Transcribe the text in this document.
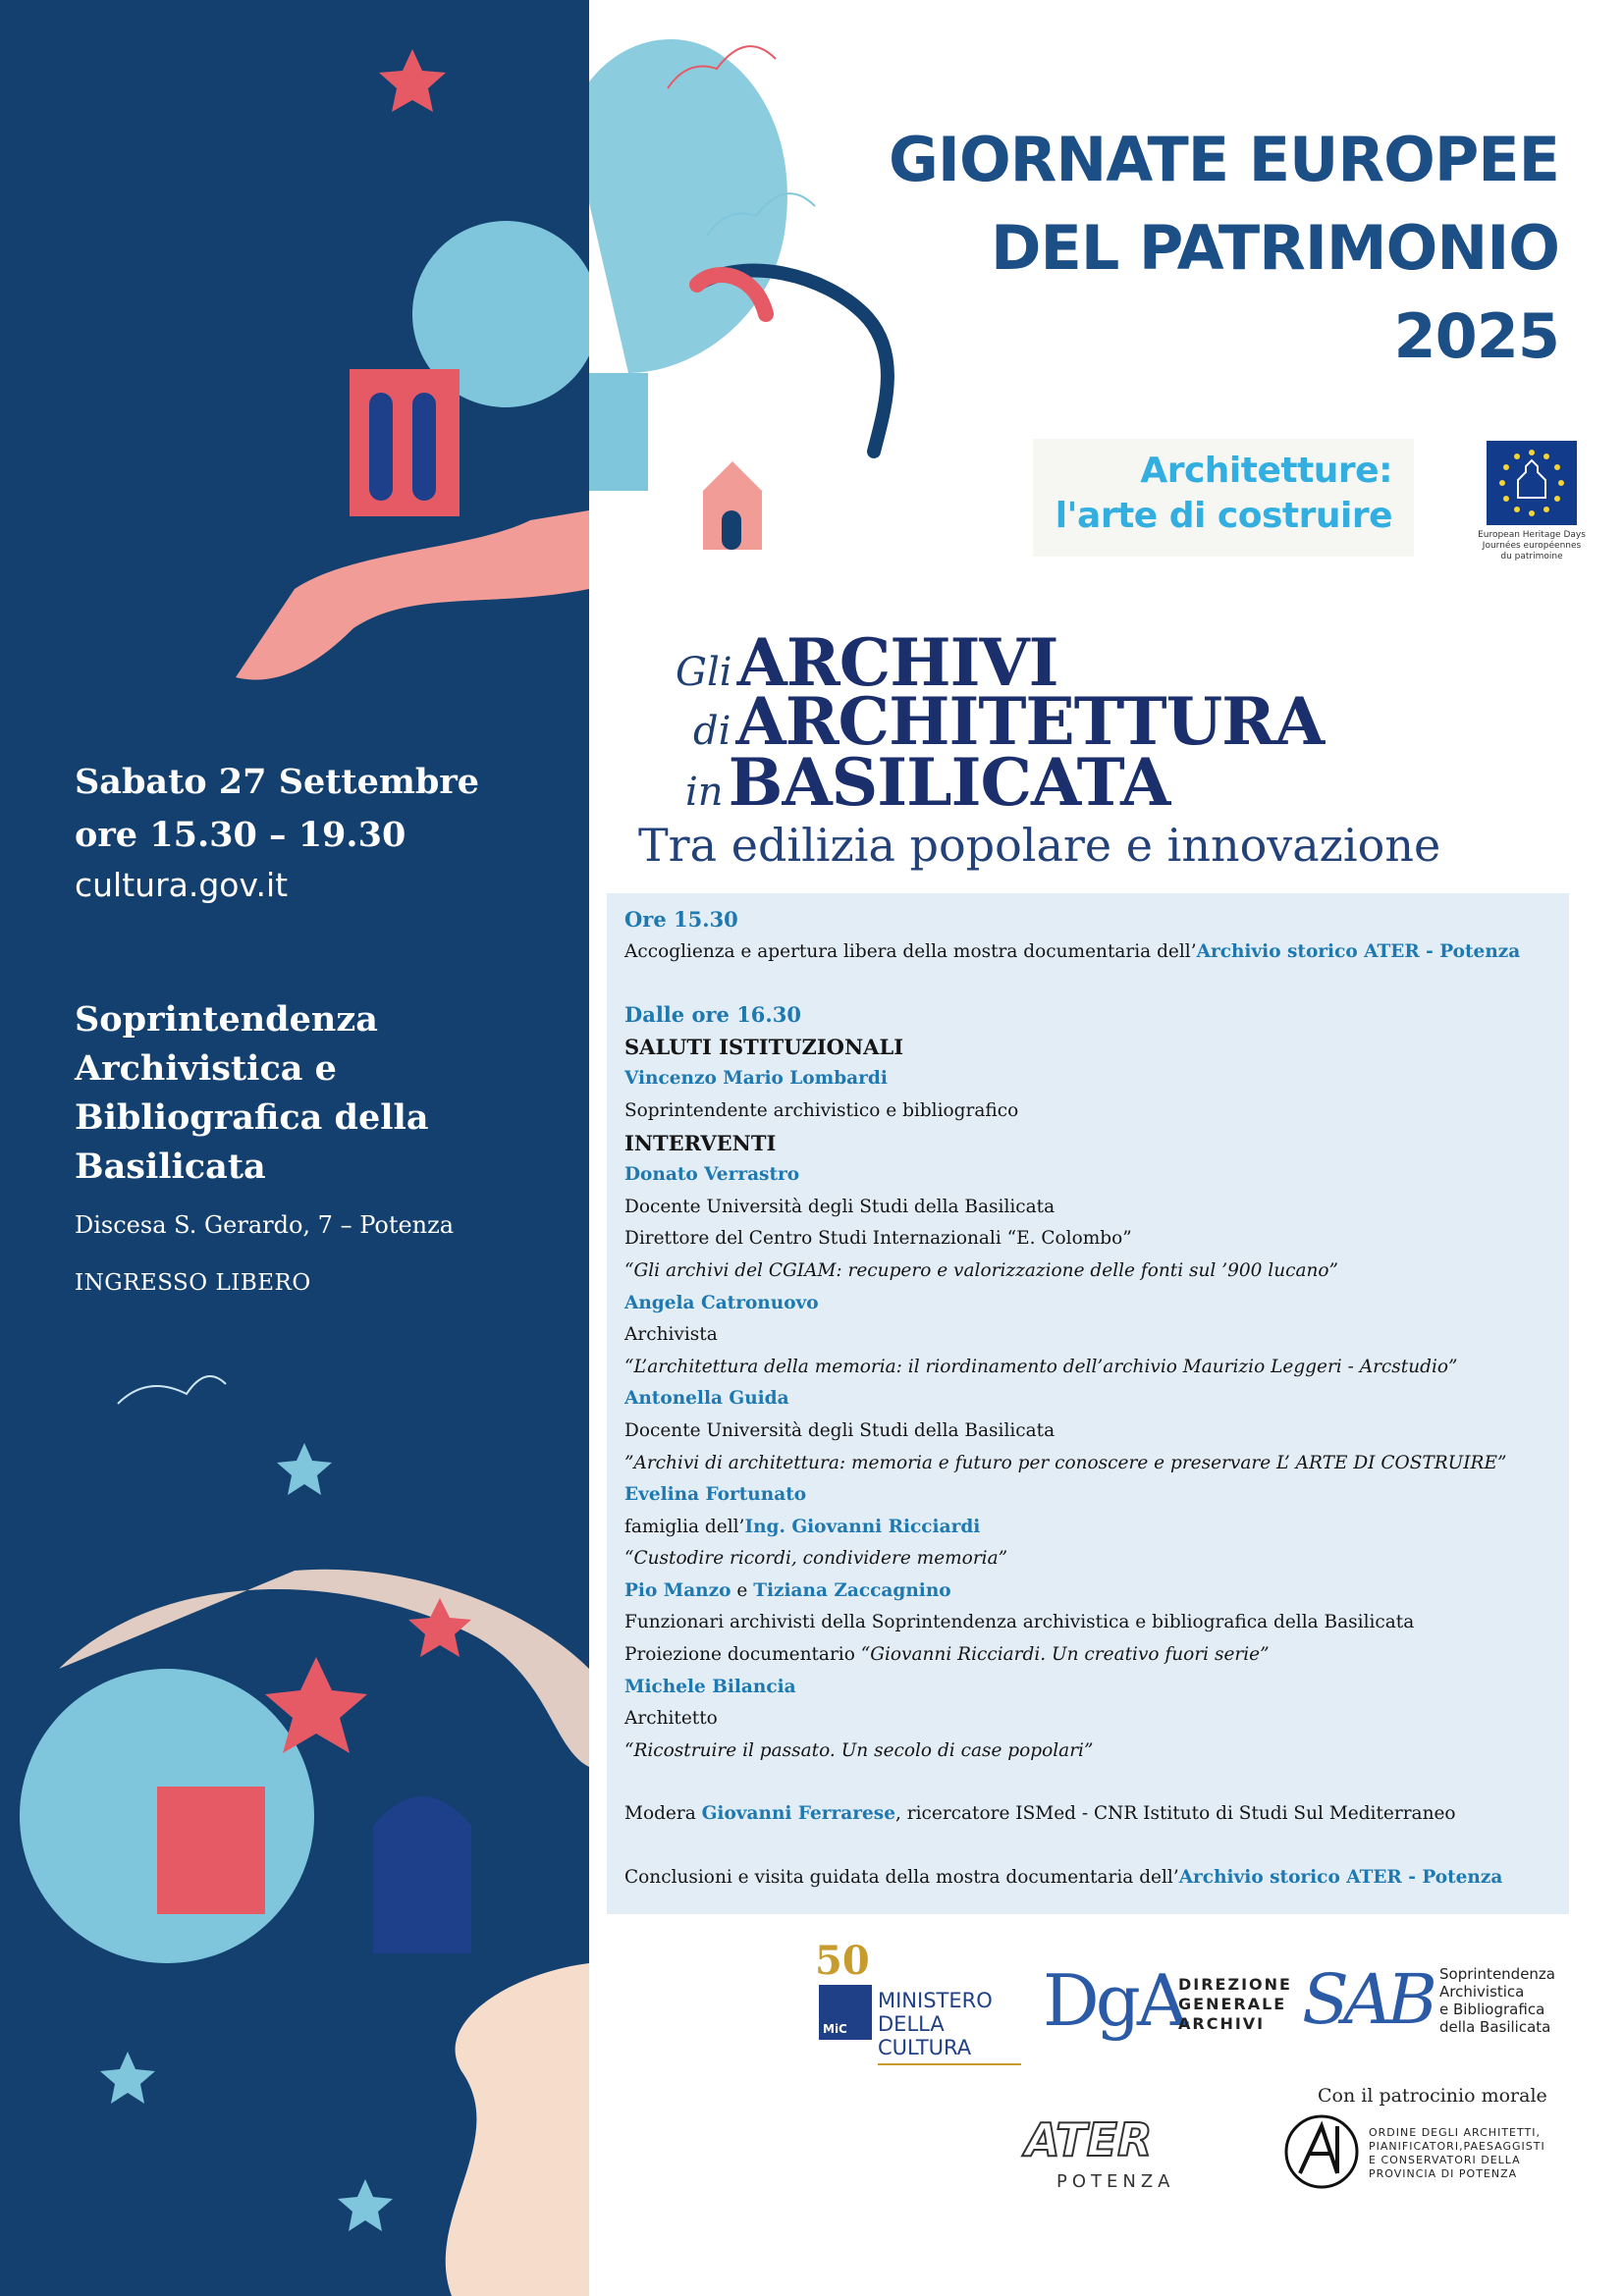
Sabato 27 Settembre
ore 15.30 – 19.30
cultura.gov.it
Soprintendenza
Archivistica e
Bibliografica della
Basilicata
Discesa S. Gerardo, 7 – Potenza
INGRESSO LIBERO
GIORNATE EUROPEE
DEL PATRIMONIO
2025
Architetture:
l'arte di costruire	European Heritage Days
Journées européennes
du patrimoine
Gli ARCHIVI
di ARCHITETTURA
in BASILICATA
Tra edilizia popolare e innovazione
Ore 15.30
Accoglienza e apertura libera della mostra documentaria dell’Archivio storico ATER - Potenza
Dalle ore 16.30
SALUTI ISTITUZIONALI
Vincenzo Mario Lombardi
Soprintendente archivistico e bibliografico
INTERVENTI
Donato Verrastro
Docente Università degli Studi della Basilicata
Direttore del Centro Studi Internazionali “E. Colombo”
“Gli archivi del CGIAM: recupero e valorizzazione delle fonti sul ’900 lucano”
Angela Catronuovo
Archivista
“L’architettura della memoria: il riordinamento dell’archivio Maurizio Leggeri - Arcstudio”
Antonella Guida
Docente Università degli Studi della Basilicata
”Archivi di architettura: memoria e futuro per conoscere e preservare L’ ARTE DI COSTRUIRE”
Evelina Fortunato
famiglia dell’Ing. Giovanni Ricciardi
“Custodire ricordi, condividere memoria”
Pio Manzo e Tiziana Zaccagnino
Funzionari archivisti della Soprintendenza archivistica e bibliografica della Basilicata
Proiezione documentario “Giovanni Ricciardi. Un creativo fuori serie”
Michele Bilancia
Architetto
“Ricostruire il passato. Un secolo di case popolari”
Modera Giovanni Ferrarese, ricercatore ISMed - CNR Istituto di Studi Sul Mediterraneo
Conclusioni e visita guidata della mostra documentaria dell’Archivio storico ATER - Potenza
50
MiC
MINISTERO
DELLA
CULTURA
DgA
DIREZIONE
GENERALE
ARCHIVI SAB Soprintendenza
Archivistica
e Bibliografica
della Basilicata
Con il patrocinio morale
ATER
POTENZA
ORDINE DEGLI ARCHITETTI,
PIANIFICATORI,PAESAGGISTI
E CONSERVATORI DELLA
PROVINCIA DI POTENZA
